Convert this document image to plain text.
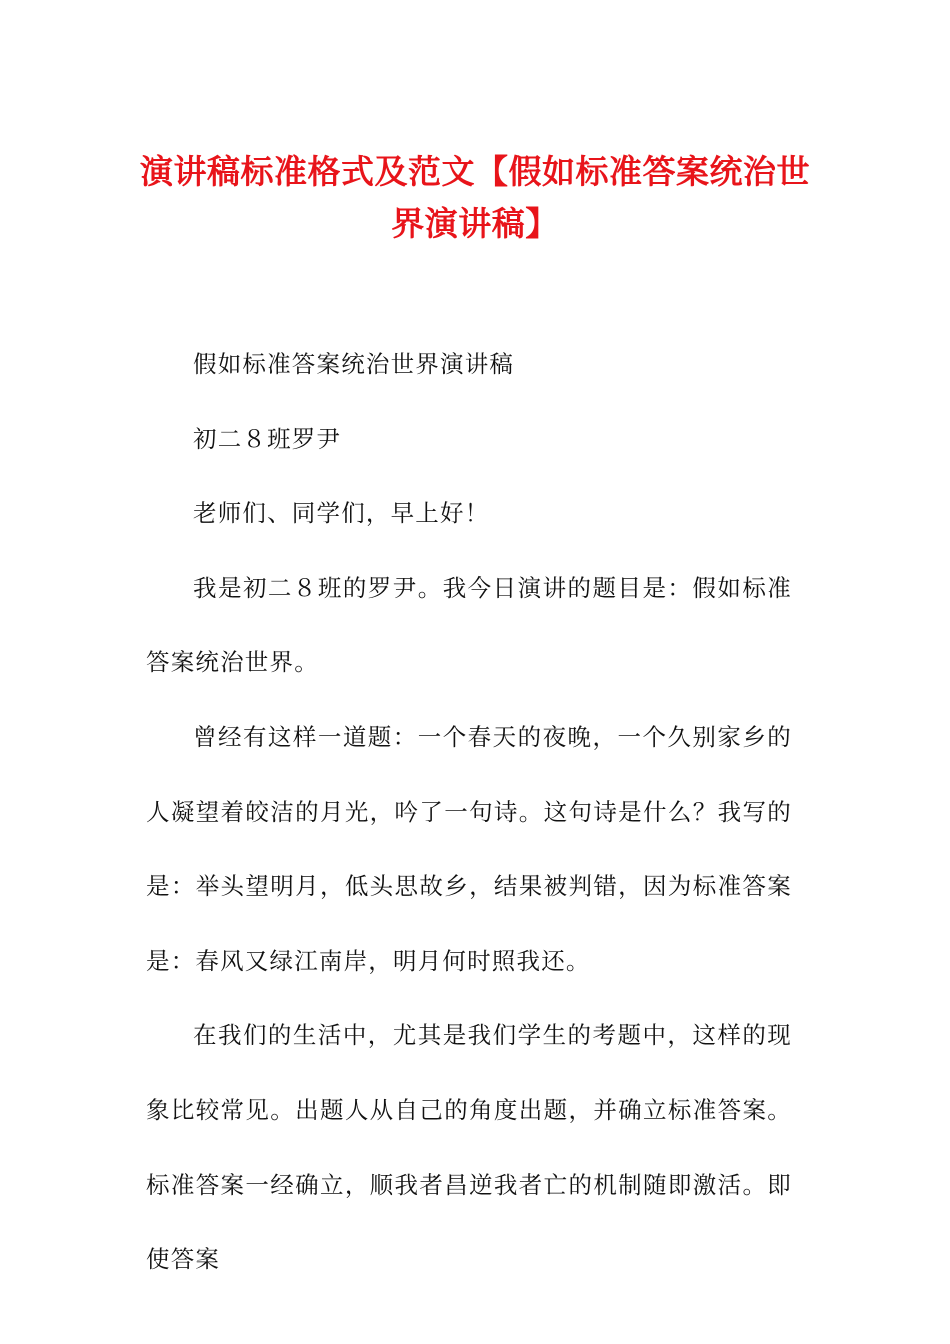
演讲稿标准格式及范文【假如标准答案统治世界演讲稿】

假如标准答案统治世界演讲稿

初二８班罗尹

老师们、同学们，早上好！

我是初二８班的罗尹。我今日演讲的题目是：假如标准答案统治世界。

曾经有这样一道题：一个春天的夜晚，一个久别家乡的人凝望着皎洁的月光，吟了一句诗。这句诗是什么？我写的是：举头望明月，低头思故乡，结果被判错，因为标准答案是：春风又绿江南岸，明月何时照我还。

在我们的生活中，尤其是我们学生的考题中，这样的现象比较常见。出题人从自己的角度出题，并确立标准答案。标准答案一经确立，顺我者昌逆我者亡的机制随即激活。即使答案
